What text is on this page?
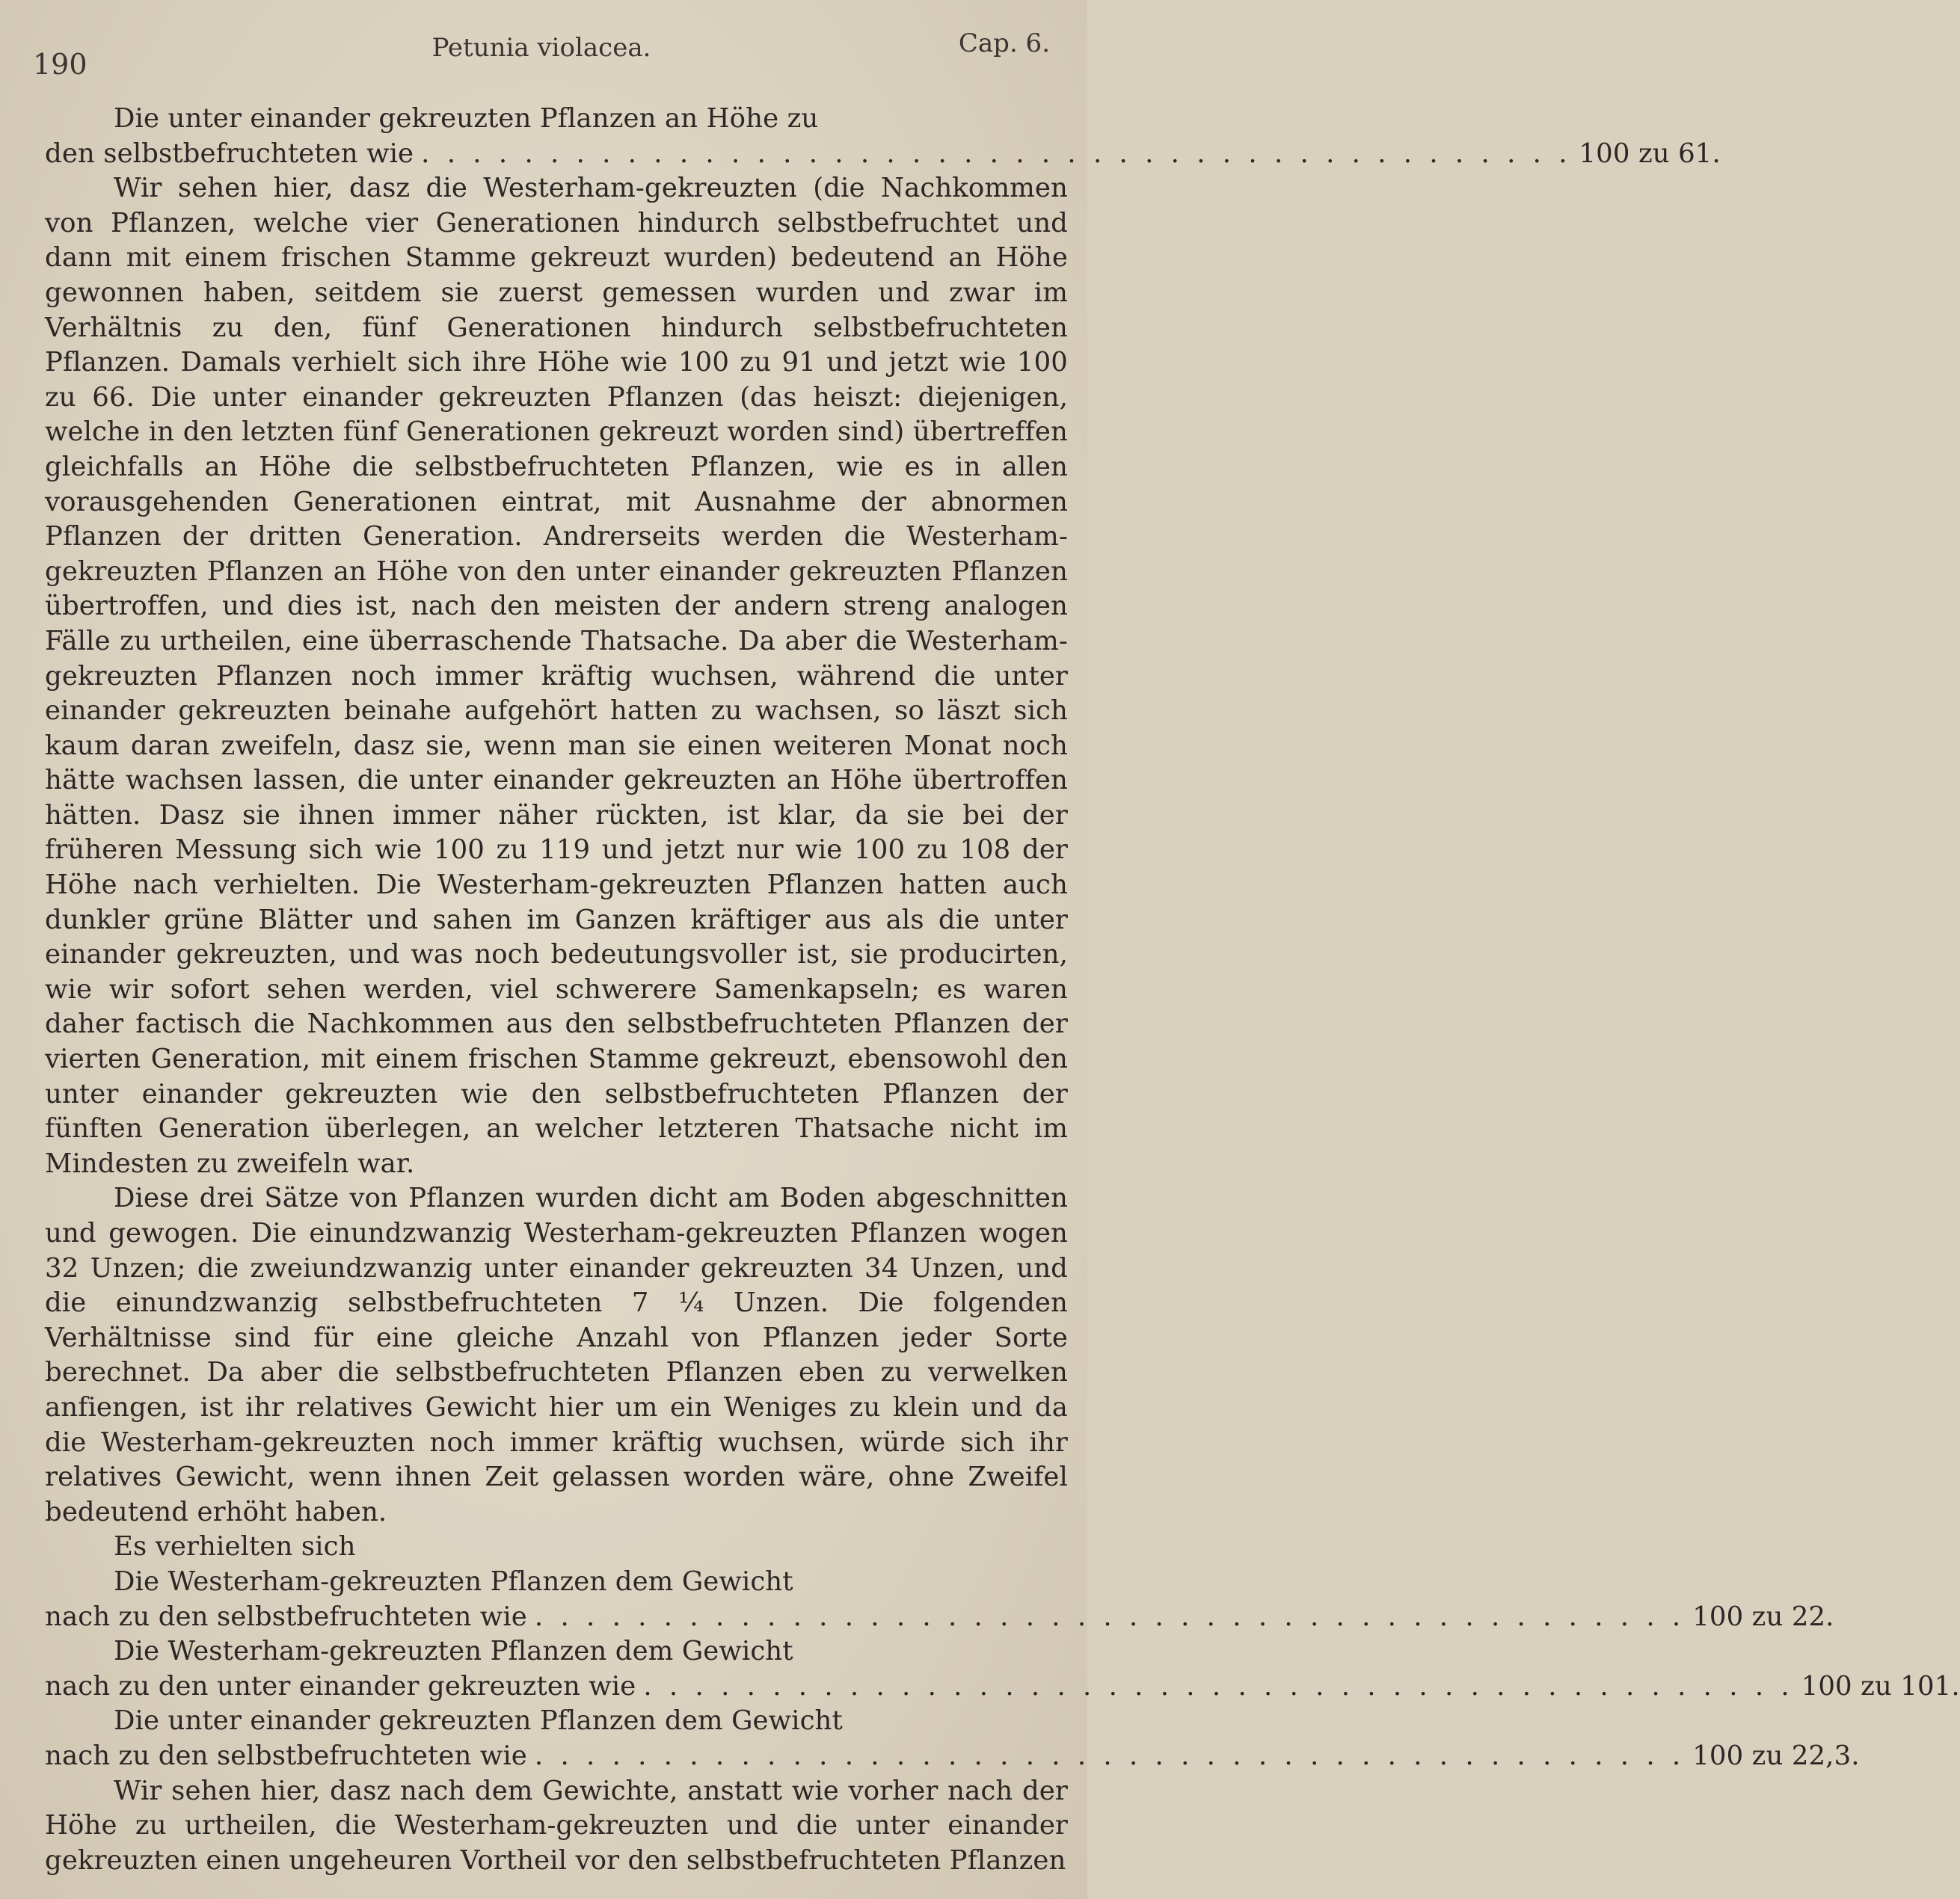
190	Petunia violacea.	Cap. 6.
Die unter einander gekreuzten Pflanzen an Höhe zu
den selbstbefruchteten wie . . .	100 zu 61.

Wir sehen hier, dasz die Westerham-gekreuzten (die Nachkommen von Pflanzen, welche vier Generationen hindurch selbstbefruchtet und dann mit einem frischen Stamme gekreuzt wurden) bedeutend an Höhe gewonnen haben, seitdem sie zuerst gemessen wurden und zwar im Verhältnis zu den, fünf Generationen hindurch selbstbefruchteten Pflanzen. Damals verhielt sich ihre Höhe wie 100 zu 91 und jetzt wie 100 zu 66. Die unter einander gekreuzten Pflanzen (das heiszt: diejenigen, welche in den letzten fünf Generationen gekreuzt worden sind) übertreffen gleichfalls an Höhe die selbstbefruchteten Pflanzen, wie es in allen vorausgehenden Generationen eintrat, mit Ausnahme der abnormen Pflanzen der dritten Generation. Andrerseits werden die Westerham-gekreuzten Pflanzen an Höhe von den unter einander gekreuzten Pflanzen übertroffen, und dies ist, nach den meisten der andern streng analogen Fälle zu urtheilen, eine überraschende Thatsache. Da aber die Westerham-gekreuzten Pflanzen noch immer kräftig wuchsen, während die unter einander gekreuzten beinahe aufgehört hatten zu wachsen, so läszt sich kaum daran zweifeln, dasz sie, wenn man sie einen weiteren Monat noch hätte wachsen lassen, die unter einander gekreuzten an Höhe übertroffen hätten. Dasz sie ihnen immer näher rückten, ist klar, da sie bei der früheren Messung sich wie 100 zu 119 und jetzt nur wie 100 zu 108 der Höhe nach verhielten. Die Westerham-gekreuzten Pflanzen hatten auch dunkler grüne Blätter und sahen im Ganzen kräftiger aus als die unter einander gekreuzten, und was noch bedeutungsvoller ist, sie producirten, wie wir sofort sehen werden, viel schwerere Samenkapseln; es waren daher factisch die Nachkommen aus den selbstbefruchteten Pflanzen der vierten Generation, mit einem frischen Stamme gekreuzt, ebensowohl den unter einander gekreuzten wie den selbstbefruchteten Pflanzen der fünften Generation überlegen, an welcher letzteren Thatsache nicht im Mindesten zu zweifeln war.

Diese drei Sätze von Pflanzen wurden dicht am Boden abgeschnitten und gewogen. Die einundzwanzig Westerham-gekreuzten Pflanzen wogen 32 Unzen; die zweiundzwanzig unter einander gekreuzten 34 Unzen, und die einundzwanzig selbstbefruchteten 7 ¼ Unzen. Die folgenden Verhältnisse sind für eine gleiche Anzahl von Pflanzen jeder Sorte berechnet. Da aber die selbstbefruchteten Pflanzen eben zu verwelken anfiengen, ist ihr relatives Gewicht hier um ein Weniges zu klein und da die Westerham-gekreuzten noch immer kräftig wuchsen, würde sich ihr relatives Gewicht, wenn ihnen Zeit gelassen worden wäre, ohne Zweifel bedeutend erhöht haben.

Es verhielten sich
Die Westerham-gekreuzten Pflanzen dem Gewicht
nach zu den selbstbefruchteten wie . . .	100 zu 22.
Die Westerham-gekreuzten Pflanzen dem Gewicht
nach zu den unter einander gekreuzten wie . . .	100 zu 101.
Die unter einander gekreuzten Pflanzen dem Gewicht
nach zu den selbstbefruchteten wie . . .	100 zu 22,3.

Wir sehen hier, dasz nach dem Gewichte, anstatt wie vorher nach der Höhe zu urtheilen, die Westerham-gekreuzten und die unter einander gekreuzten einen ungeheuren Vortheil vor den selbstbefruchteten Pflanzen
